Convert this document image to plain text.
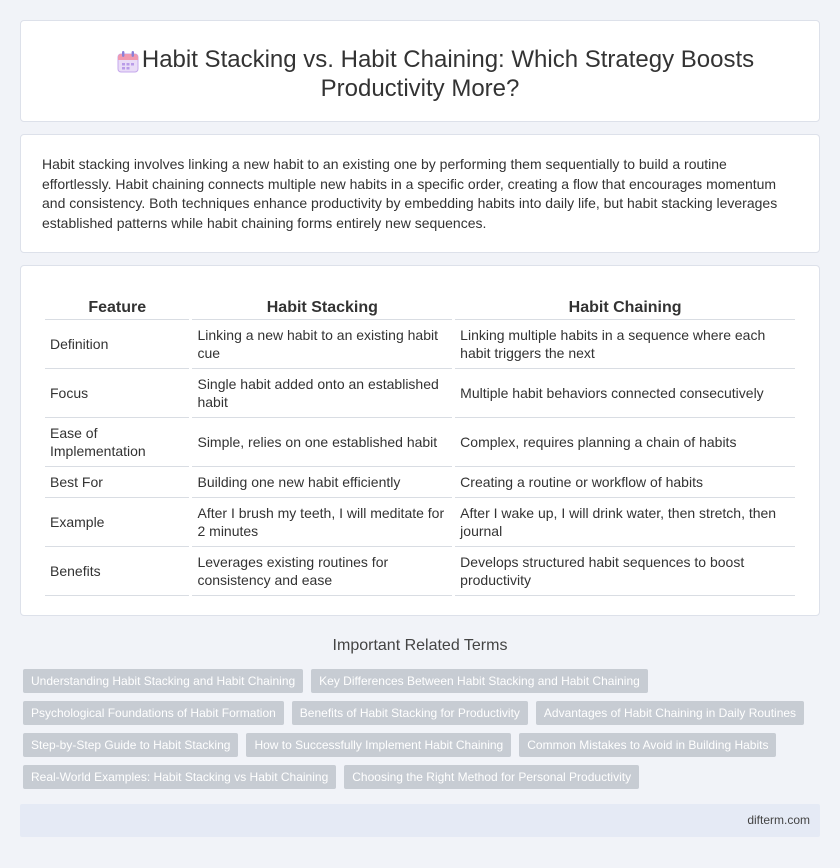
Habit Stacking vs. Habit Chaining: Which Strategy Boosts
Productivity More?

Habit stacking involves linking a new habit to an existing one by performing them sequentially to build a routine effortlessly. Habit chaining connects multiple new habits in a specific order, creating a flow that encourages momentum and consistency. Both techniques enhance productivity by embedding habits into daily life, but habit stacking leverages established patterns while habit chaining forms entirely new sequences.

Feature	Habit Stacking	Habit Chaining
Definition	Linking a new habit to an existing habit cue	Linking multiple habits in a sequence where each habit triggers the next
Focus	Single habit added onto an established habit	Multiple habit behaviors connected consecutively
Ease of Implementation	Simple, relies on one established habit	Complex, requires planning a chain of habits
Best For	Building one new habit efficiently	Creating a routine or workflow of habits
Example	After I brush my teeth, I will meditate for 2 minutes	After I wake up, I will drink water, then stretch, then journal
Benefits	Leverages existing routines for consistency and ease	Develops structured habit sequences to boost productivity
Important Related Terms
Understanding Habit Stacking and Habit Chaining	Key Differences Between Habit Stacking and Habit Chaining
Psychological Foundations of Habit Formation	Benefits of Habit Stacking for Productivity	Advantages of Habit Chaining in Daily Routines
Step-by-Step Guide to Habit Stacking	How to Successfully Implement Habit Chaining	Common Mistakes to Avoid in Building Habits
Real-World Examples: Habit Stacking vs Habit Chaining	Choosing the Right Method for Personal Productivity
difterm.com
